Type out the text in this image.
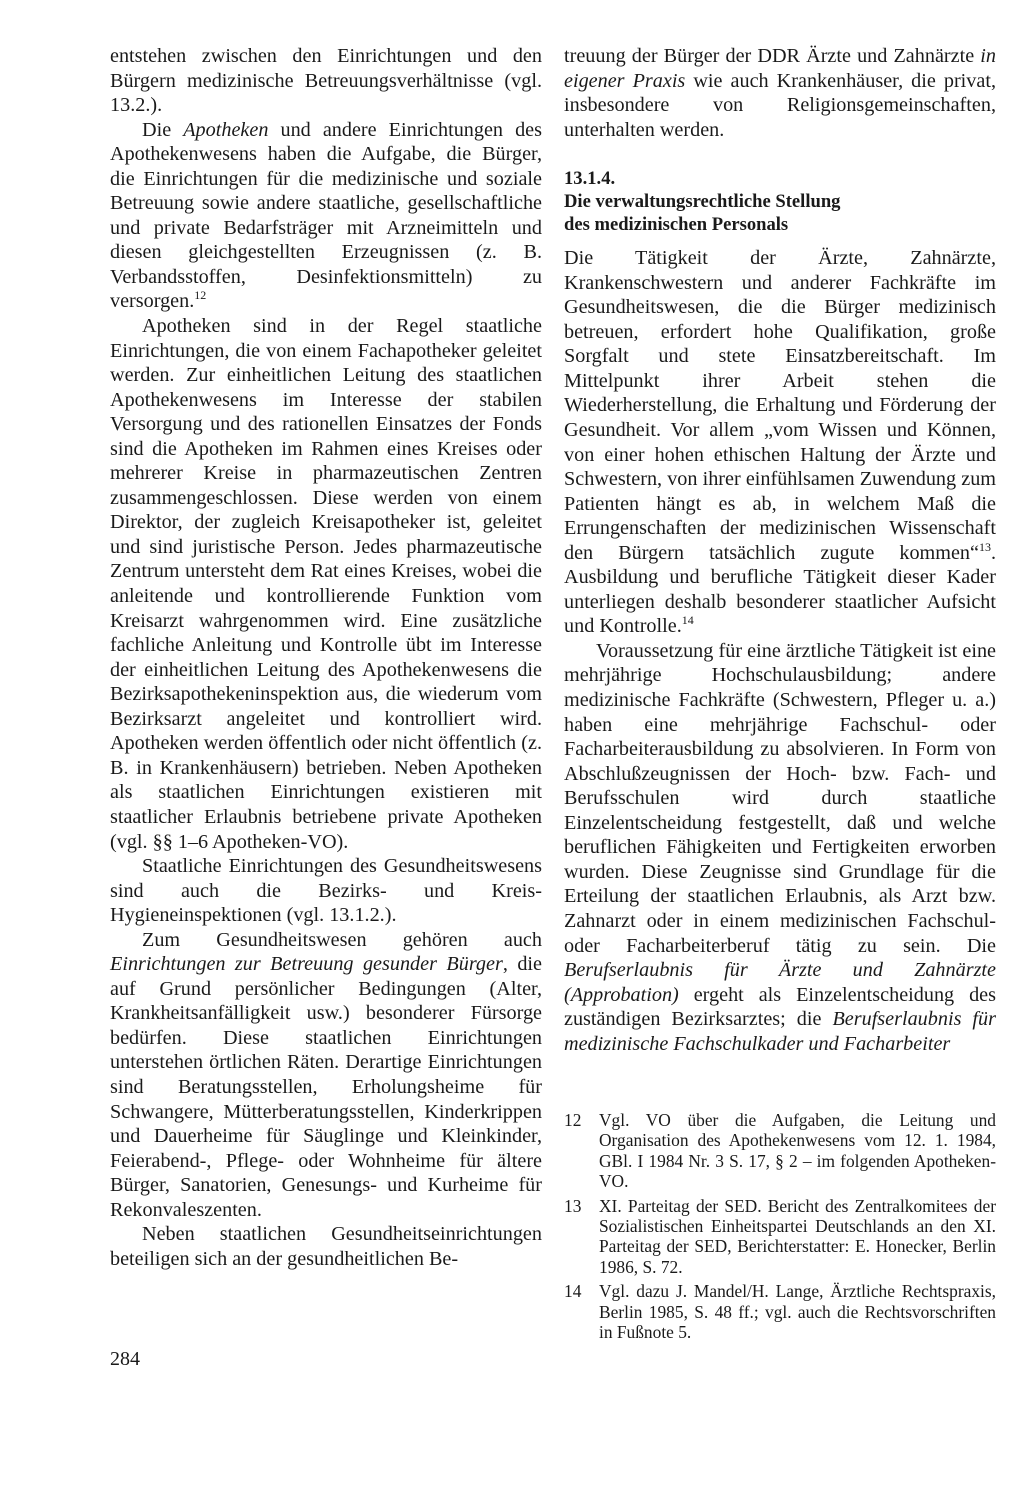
entstehen zwischen den Einrichtungen und den Bürgern medizinische Betreuungsverhältnisse (vgl. 13.2.).

Die Apotheken und andere Einrichtungen des Apothekenwesens haben die Aufgabe, die Bürger, die Einrichtungen für die medizinische und soziale Betreuung sowie andere staatliche, gesellschaftliche und private Bedarfsträger mit Arzneimitteln und diesen gleichgestellten Erzeugnissen (z. B. Verbandsstoffen, Desinfektionsmitteln) zu versorgen.$^{12}$

Apotheken sind in der Regel staatliche Einrichtungen, die von einem Fachapotheker geleitet werden. Zur einheitlichen Leitung des staatlichen Apothekenwesens im Interesse der stabilen Versorgung und des rationellen Einsatzes der Fonds sind die Apotheken im Rahmen eines Kreises oder mehrerer Kreise in pharmazeutischen Zentren zusammengeschlossen. Diese werden von einem Direktor, der zugleich Kreisapotheker ist, geleitet und sind juristische Person. Jedes pharmazeutische Zentrum untersteht dem Rat eines Kreises, wobei die anleitende und kontrollierende Funktion vom Kreisarzt wahrgenommen wird. Eine zusätzliche fachliche Anleitung und Kontrolle übt im Interesse der einheitlichen Leitung des Apothekenwesens die Bezirksapothekeninspektion aus, die wiederum vom Bezirksarzt angeleitet und kontrolliert wird. Apotheken werden öffentlich oder nicht öffentlich (z. B. in Krankenhäusern) betrieben. Neben Apotheken als staatlichen Einrichtungen existieren mit staatlicher Erlaubnis betriebene private Apotheken (vgl. §§ 1–6 Apotheken-VO).

Staatliche Einrichtungen des Gesundheitswesens sind auch die Bezirks- und Kreis-Hygieneinspektionen (vgl. 13.1.2.).

Zum Gesundheitswesen gehören auch Einrichtungen zur Betreuung gesunder Bürger, die auf Grund persönlicher Bedingungen (Alter, Krankheitsanfälligkeit usw.) besonderer Fürsorge bedürfen. Diese staatlichen Einrichtungen unterstehen örtlichen Räten. Derartige Einrichtungen sind Beratungsstellen, Erholungsheime für Schwangere, Mütterberatungsstellen, Kinderkrippen und Dauerheime für Säuglinge und Kleinkinder, Feierabend-, Pflege- oder Wohnheime für ältere Bürger, Sanatorien, Genesungs- und Kurheime für Rekonvaleszenten.

Neben staatlichen Gesundheitseinrichtungen beteiligen sich an der gesundheitlichen Be-

treuung der Bürger der DDR Ärzte und Zahnärzte in eigener Praxis wie auch Krankenhäuser, die privat, insbesondere von Religionsgemeinschaften, unterhalten werden.

13.1.4.
Die verwaltungsrechtliche Stellung
des medizinischen Personals

Die Tätigkeit der Ärzte, Zahnärzte, Krankenschwestern und anderer Fachkräfte im Gesundheitswesen, die die Bürger medizinisch betreuen, erfordert hohe Qualifikation, große Sorgfalt und stete Einsatzbereitschaft. Im Mittelpunkt ihrer Arbeit stehen die Wiederherstellung, die Erhaltung und Förderung der Gesundheit. Vor allem „vom Wissen und Können, von einer hohen ethischen Haltung der Ärzte und Schwestern, von ihrer einfühlsamen Zuwendung zum Patienten hängt es ab, in welchem Maß die Errungenschaften der medizinischen Wissenschaft den Bürgern tatsächlich zugute kommen“$^{13}$. Ausbildung und berufliche Tätigkeit dieser Kader unterliegen deshalb besonderer staatlicher Aufsicht und Kontrolle.$^{14}$

Voraussetzung für eine ärztliche Tätigkeit ist eine mehrjährige Hochschulausbildung; andere medizinische Fachkräfte (Schwestern, Pfleger u. a.) haben eine mehrjährige Fachschul- oder Facharbeiterausbildung zu absolvieren. In Form von Abschlußzeugnissen der Hoch- bzw. Fach- und Berufsschulen wird durch staatliche Einzelentscheidung festgestellt, daß und welche beruflichen Fähigkeiten und Fertigkeiten erworben wurden. Diese Zeugnisse sind Grundlage für die Erteilung der staatlichen Erlaubnis, als Arzt bzw. Zahnarzt oder in einem medizinischen Fachschul- oder Facharbeiterberuf tätig zu sein. Die Berufserlaubnis für Ärzte und Zahnärzte (Approbation) ergeht als Einzelentscheidung des zuständigen Bezirksarztes; die Berufserlaubnis für medizinische Fachschulkader und Facharbeiter

12	Vgl. VO über die Aufgaben, die Leitung und Organisation des Apothekenwesens vom 12. 1. 1984, GBl. I 1984 Nr. 3 S. 17, § 2 – im folgenden Apotheken-VO.
13	XI. Parteitag der SED. Bericht des Zentralkomitees der Sozialistischen Einheitspartei Deutschlands an den XI. Parteitag der SED, Berichterstatter: E. Honecker, Berlin 1986, S. 72.
14	Vgl. dazu J. Mandel/H. Lange, Ärztliche Rechtspraxis, Berlin 1985, S. 48 ff.; vgl. auch die Rechtsvorschriften in Fußnote 5.
284
